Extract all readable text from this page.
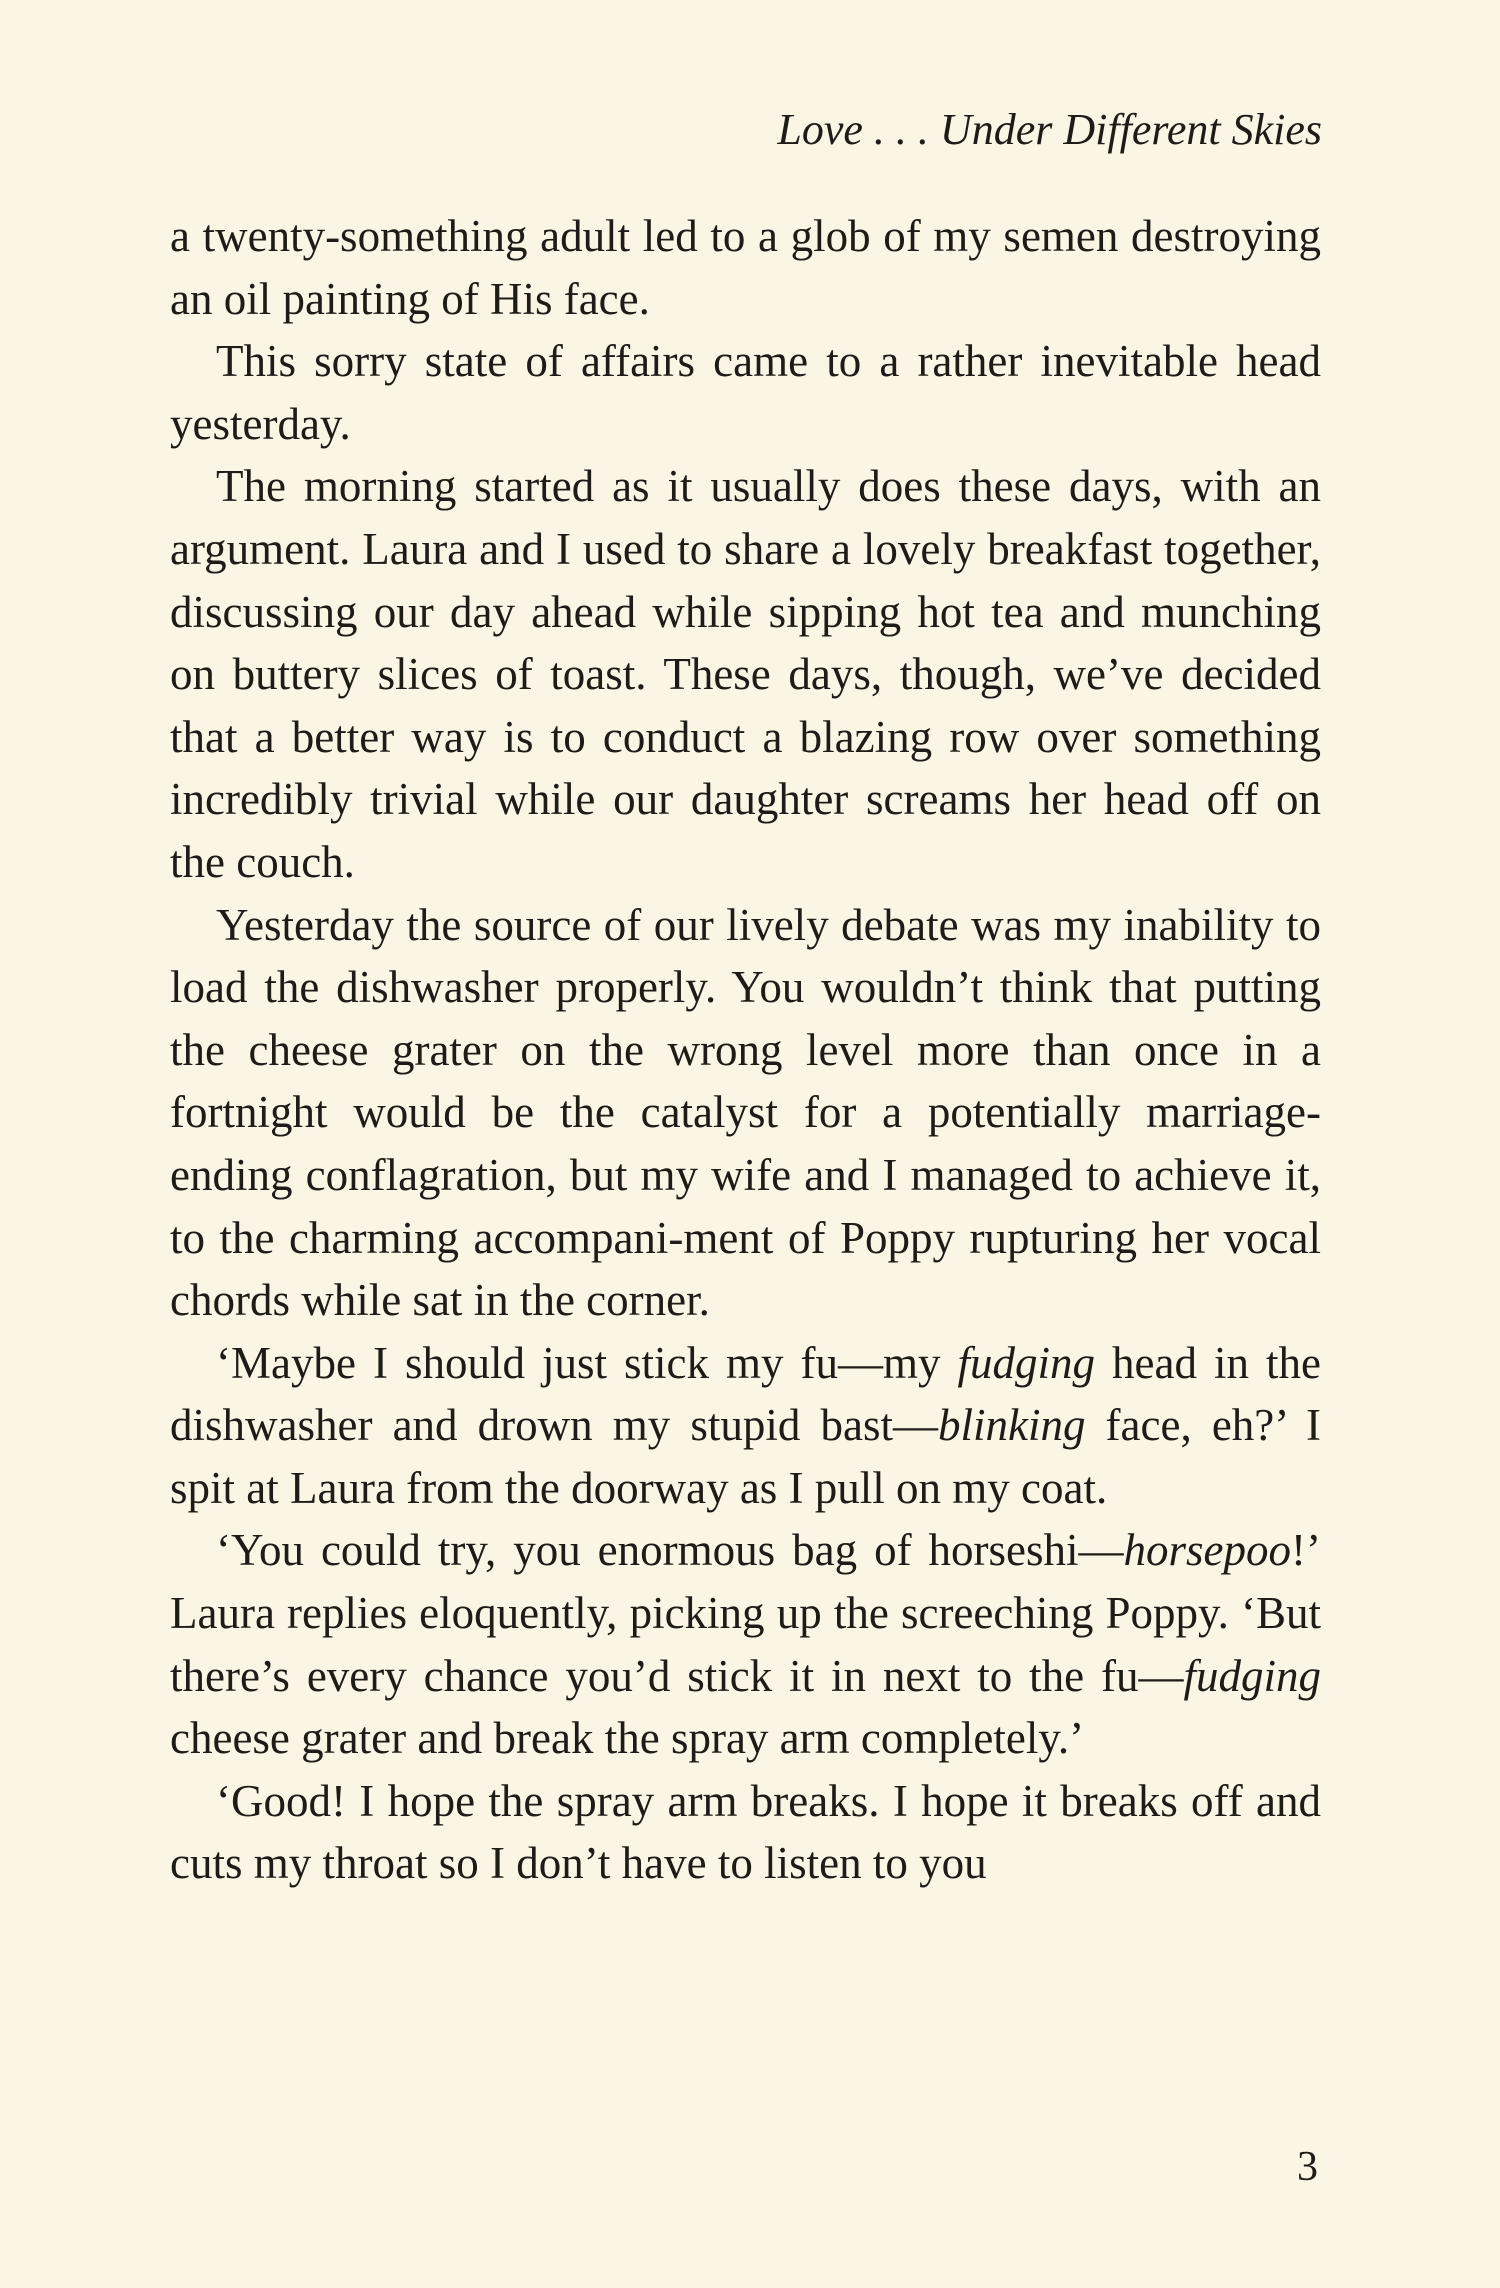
Love . . . Under Different Skies

a twenty-something adult led to a glob of my semen destroying an oil painting of His face.

This sorry state of affairs came to a rather inevitable head yesterday.

The morning started as it usually does these days, with an argument. Laura and I used to share a lovely breakfast together, discussing our day ahead while sipping hot tea and munching on buttery slices of toast. These days, though, we’ve decided that a better way is to conduct a blazing row over something incredibly trivial while our daughter screams her head off on the couch.

Yesterday the source of our lively debate was my inability to load the dishwasher properly. You wouldn’t think that putting the cheese grater on the wrong level more than once in a fortnight would be the catalyst for a potentially marriage-ending conflagration, but my wife and I managed to achieve it, to the charming accompani-ment of Poppy rupturing her vocal chords while sat in the corner.

‘Maybe I should just stick my fu—my fudging head in the dishwasher and drown my stupid bast—blinking face, eh?’ I spit at Laura from the doorway as I pull on my coat.

‘You could try, you enormous bag of horseshi—horsepoo!’ Laura replies eloquently, picking up the screeching Poppy. ‘But there’s every chance you’d stick it in next to the fu—fudging cheese grater and break the spray arm completely.’

‘Good! I hope the spray arm breaks. I hope it breaks off and cuts my throat so I don’t have to listen to you

3
